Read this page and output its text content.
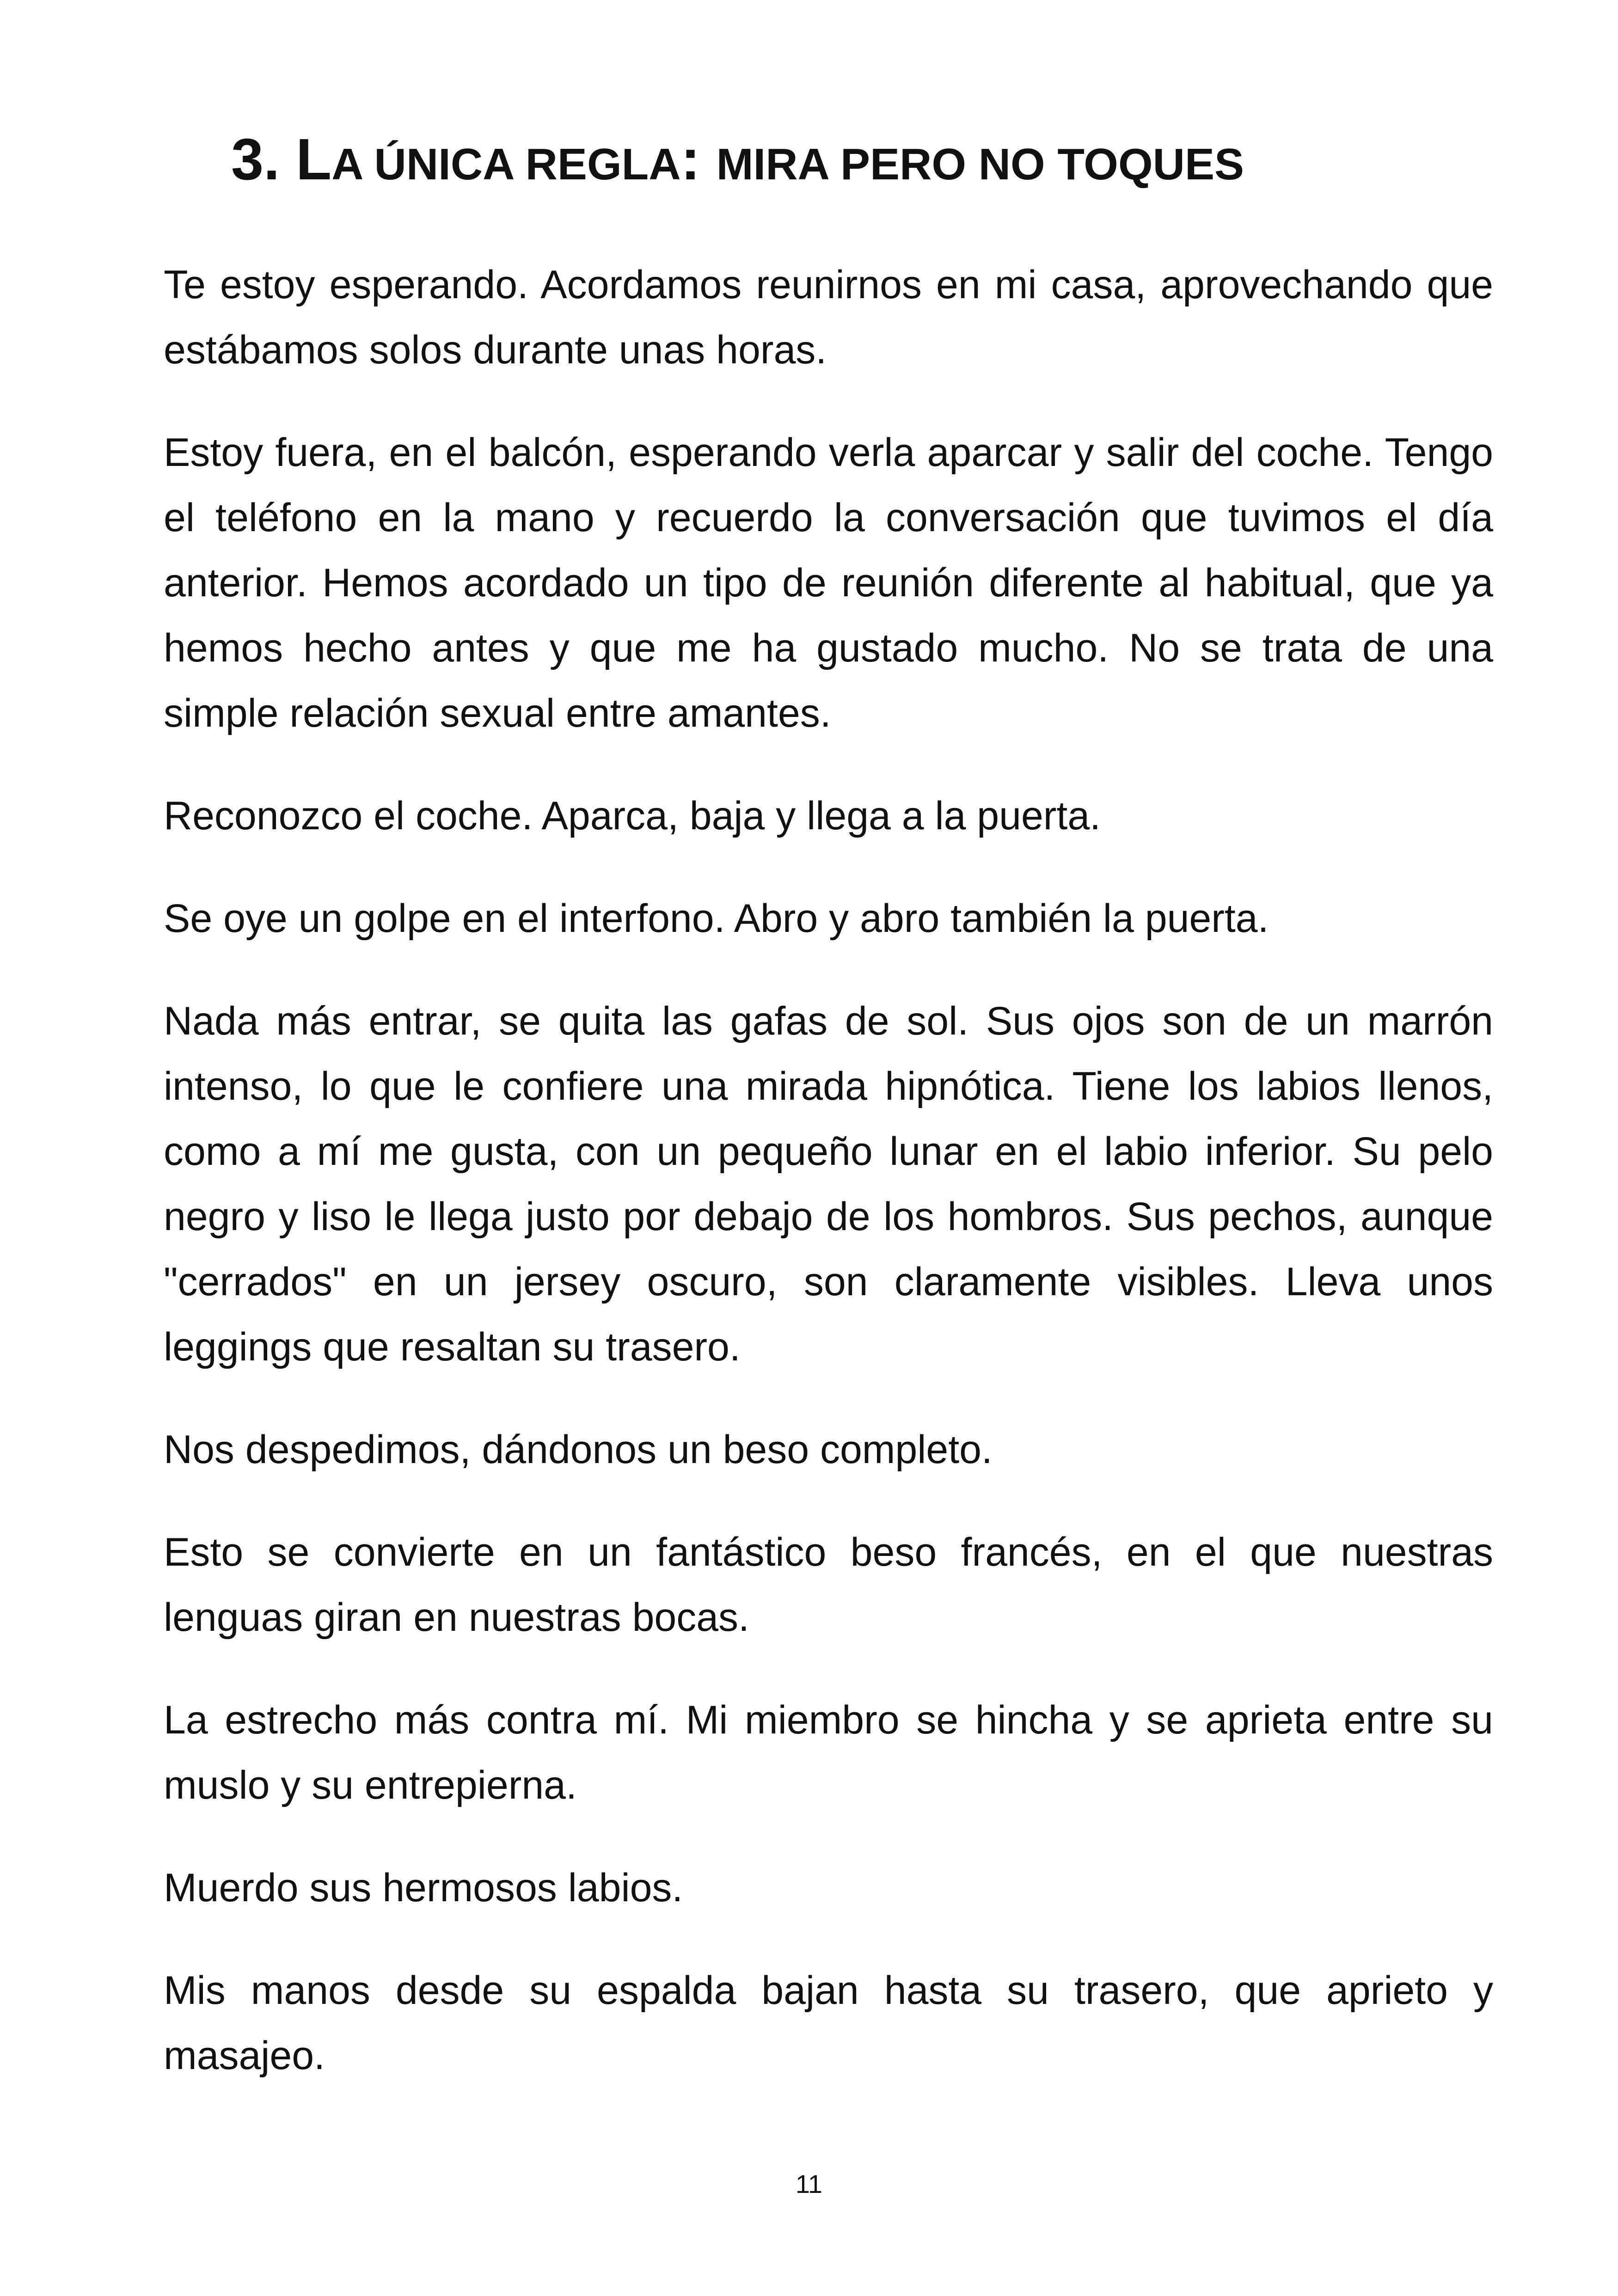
3. LA ÚNICA REGLA: MIRA PERO NO TOQUES

Te estoy esperando. Acordamos reunirnos en mi casa, aprovechando que estábamos solos durante unas horas.

Estoy fuera, en el balcón, esperando verla aparcar y salir del coche. Tengo el teléfono en la mano y recuerdo la conversación que tuvimos el día anterior. Hemos acordado un tipo de reunión diferente al habitual, que ya hemos hecho antes y que me ha gustado mucho. No se trata de una simple relación sexual entre amantes.

Reconozco el coche. Aparca, baja y llega a la puerta.

Se oye un golpe en el interfono. Abro y abro también la puerta.

Nada más entrar, se quita las gafas de sol. Sus ojos son de un marrón intenso, lo que le confiere una mirada hipnótica. Tiene los labios llenos, como a mí me gusta, con un pequeño lunar en el labio inferior. Su pelo negro y liso le llega justo por debajo de los hombros. Sus pechos, aunque "cerrados" en un jersey oscuro, son claramente visibles. Lleva unos leggings que resaltan su trasero.

Nos despedimos, dándonos un beso completo.

Esto se convierte en un fantástico beso francés, en el que nuestras lenguas giran en nuestras bocas.

La estrecho más contra mí. Mi miembro se hincha y se aprieta entre su muslo y su entrepierna.

Muerdo sus hermosos labios.

Mis manos desde su espalda bajan hasta su trasero, que aprieto y masajeo.

11
